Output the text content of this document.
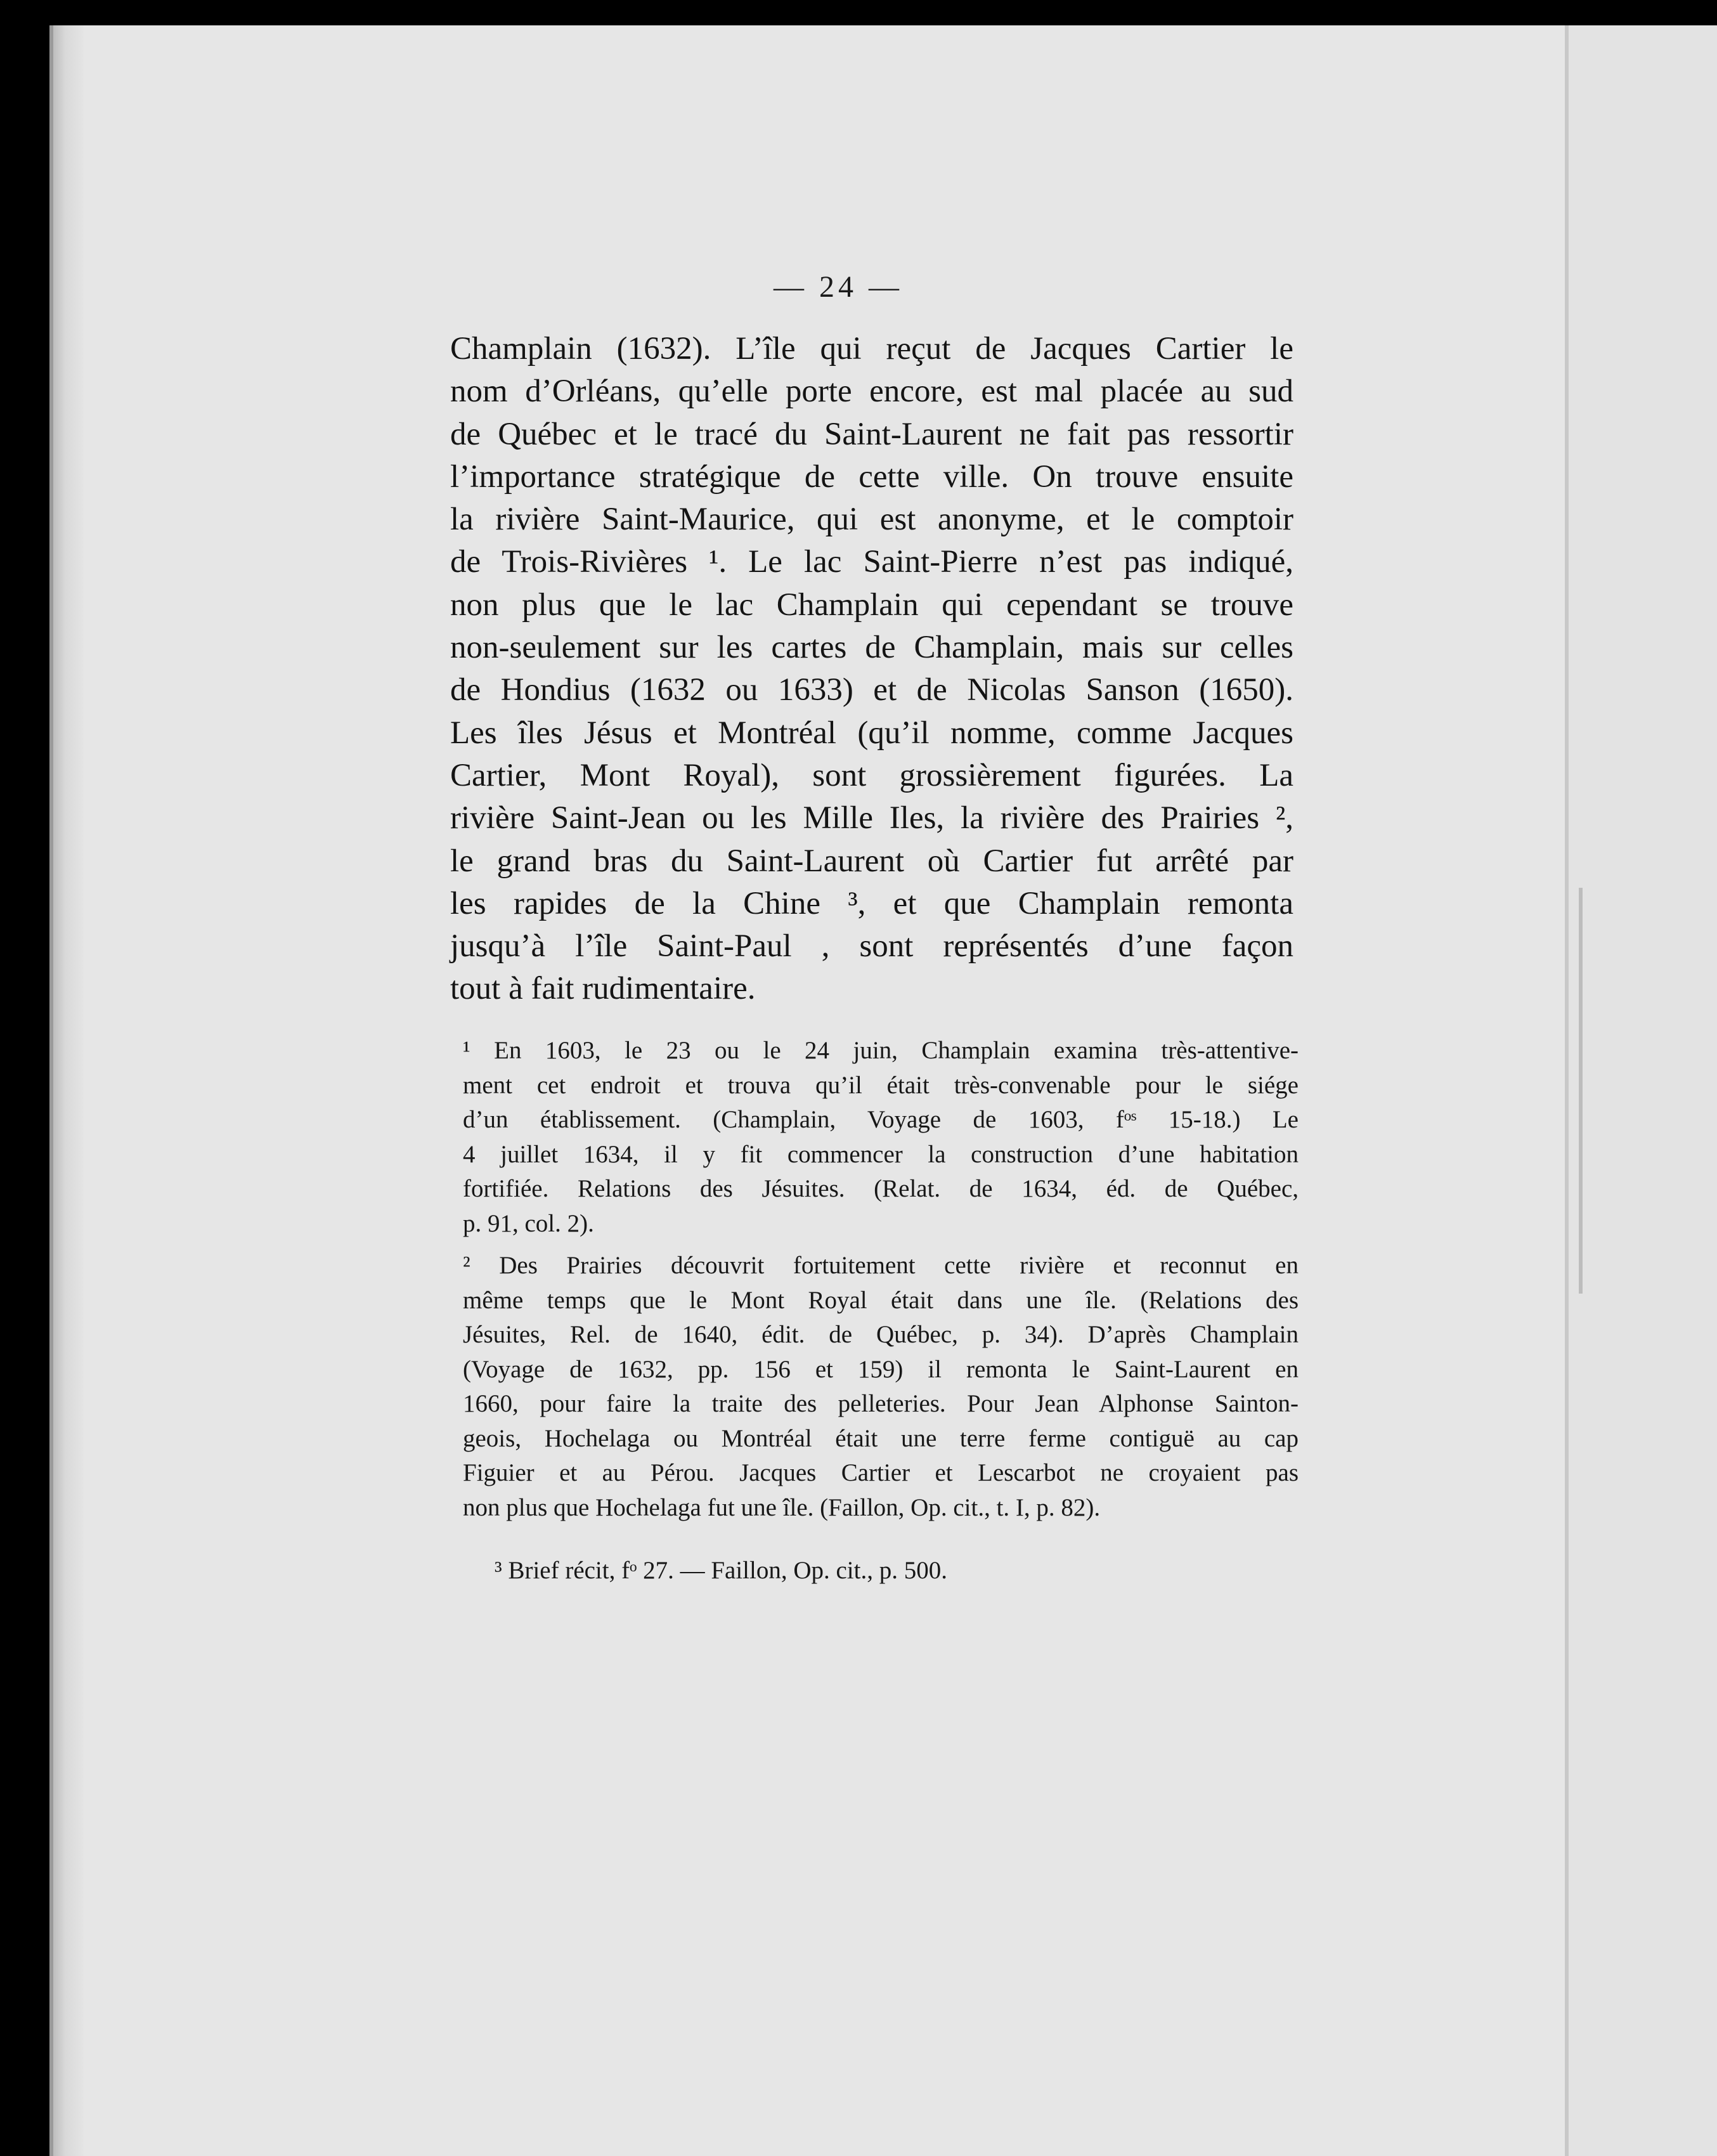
— 24 —
Champlain (1632). L’île qui reçut de Jacques Cartier le
nom d’Orléans, qu’elle porte encore, est mal placée au sud
de Québec et le tracé du Saint-Laurent ne fait pas ressortir
l’importance stratégique de cette ville. On trouve ensuite
la rivière Saint-Maurice, qui est anonyme, et le comptoir
de Trois-Rivières ¹. Le lac Saint-Pierre n’est pas indiqué,
non plus que le lac Champlain qui cependant se trouve
non-seulement sur les cartes de Champlain, mais sur celles
de Hondius (1632 ou 1633) et de Nicolas Sanson (1650).
Les îles Jésus et Montréal (qu’il nomme, comme Jacques
Cartier, Mont Royal), sont grossièrement figurées. La
rivière Saint-Jean ou les Mille Iles, la rivière des Prairies ²,
le grand bras du Saint-Laurent où Cartier fut arrêté par
les rapides de la Chine ³, et que Champlain remonta
jusqu’à l’île Saint-Paul , sont représentés d’une façon
tout à fait rudimentaire.
¹ En 1603, le 23 ou le 24 juin, Champlain examina très-attentive-
ment cet endroit et trouva qu’il était très-convenable pour le siége
d’un établissement. (Champlain, Voyage de 1603, fᵒˢ 15-18.) Le
4 juillet 1634, il y fit commencer la construction d’une habitation
fortifiée. Relations des Jésuites. (Relat. de 1634, éd. de Québec,
p. 91, col. 2).
² Des Prairies découvrit fortuitement cette rivière et reconnut en
même temps que le Mont Royal était dans une île. (Relations des
Jésuites, Rel. de 1640, édit. de Québec, p. 34). D’après Champlain
(Voyage de 1632, pp. 156 et 159) il remonta le Saint-Laurent en
1660, pour faire la traite des pelleteries. Pour Jean Alphonse Sainton-
geois, Hochelaga ou Montréal était une terre ferme contiguë au cap
Figuier et au Pérou. Jacques Cartier et Lescarbot ne croyaient pas
non plus que Hochelaga fut une île. (Faillon, Op. cit., t. I, p. 82).
³ Brief récit, fᵒ 27. — Faillon, Op. cit., p. 500.
